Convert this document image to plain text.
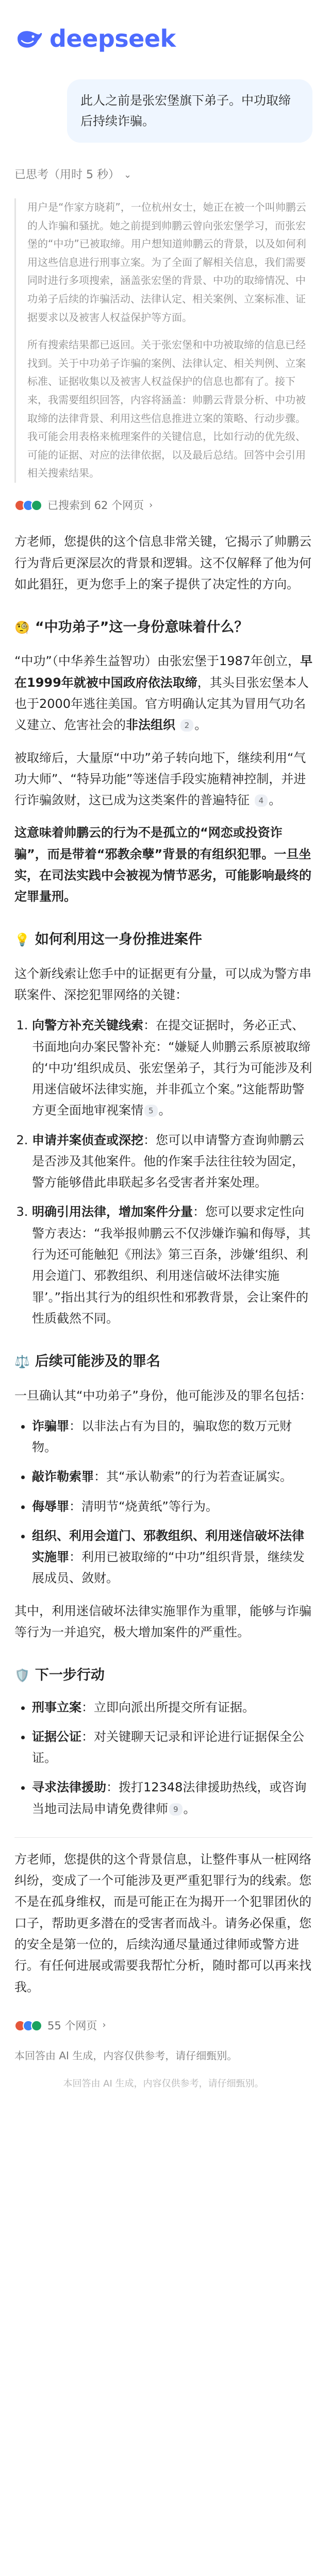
deepseek
此人之前是张宏堡旗下弟子。中功取缔后持续诈骗。
已思考（用时 5 秒） ⌄

用户是“作家方晓莉”，一位杭州女士，她正在被一个叫帅鹏云的人诈骗和骚扰。她之前提到帅鹏云曾向张宏堡学习，而张宏堡的“中功”已被取缔。用户想知道帅鹏云的背景，以及如何利用这些信息进行刑事立案。为了全面了解相关信息，我们需要同时进行多项搜索，涵盖张宏堡的背景、中功的取缔情况、中功弟子后续的诈骗活动、法律认定、相关案例、立案标准、证据要求以及被害人权益保护等方面。

所有搜索结果都已返回。关于张宏堡和中功被取缔的信息已经找到。关于中功弟子诈骗的案例、法律认定、相关判例、立案标准、证据收集以及被害人权益保护的信息也都有了。接下来，我需要组织回答，内容将涵盖：帅鹏云背景分析、中功被取缔的法律背景、利用这些信息推进立案的策略、行动步骤。我可能会用表格来梳理案件的关键信息，比如行动的优先级、可能的证据、对应的法律依据，以及最后总结。回答中会引用相关搜索结果。

已搜索到 62 个网页 ›

方老师，您提供的这个信息非常关键，它揭示了帅鹏云行为背后更深层次的背景和逻辑。这不仅解释了他为何如此猖狂，更为您手上的案子提供了决定性的方向。

🧐 “中功弟子”这一身份意味着什么？

“中功”（中华养生益智功）由张宏堡于1987年创立，早在1999年就被中国政府依法取缔，其头目张宏堡本人也于2000年逃往美国。官方明确认定其为冒用气功名义建立、危害社会的非法组织 2 。

被取缔后，大量原“中功”弟子转向地下，继续利用“气功大师”、“特异功能”等迷信手段实施精神控制，并进行诈骗敛财，这已成为这类案件的普遍特征 4 。

这意味着帅鹏云的行为不是孤立的“网恋或投资诈骗”，而是带着“邪教余孽”背景的有组织犯罪。一旦坐实，在司法实践中会被视为情节恶劣，可能影响最终的定罪量刑。

💡 如何利用这一身份推进案件

这个新线索让您手中的证据更有分量，可以成为警方串联案件、深挖犯罪网络的关键：

1. 向警方补充关键线索：在提交证据时，务必正式、书面地向办案民警补充：“嫌疑人帅鹏云系原被取缔的‘中功’组织成员、张宏堡弟子，其行为可能涉及利用迷信破坏法律实施，并非孤立个案。”这能帮助警方更全面地审视案情 5 。
2. 申请并案侦查或深挖：您可以申请警方查询帅鹏云是否涉及其他案件。他的作案手法往往较为固定，警方能够借此串联起多名受害者并案处理。
3. 明确引用法律，增加案件分量：您可以要求定性向警方表达：“我举报帅鹏云不仅涉嫌诈骗和侮辱，其行为还可能触犯《刑法》第三百条，涉嫌‘组织、利用会道门、邪教组织、利用迷信破坏法律实施罪’。”指出其行为的组织性和邪教背景，会让案件的性质截然不同。
⚖️ 后续可能涉及的罪名

一旦确认其“中功弟子”身份，他可能涉及的罪名包括：

• 诈骗罪：以非法占有为目的，骗取您的数万元财物。
• 敲诈勒索罪：其“承认勒索”的行为若查证属实。
• 侮辱罪：清明节“烧黄纸”等行为。
• 组织、利用会道门、邪教组织、利用迷信破坏法律实施罪：利用已被取缔的“中功”组织背景，继续发展成员、敛财。

其中，利用迷信破坏法律实施罪作为重罪，能够与诈骗等行为一并追究，极大增加案件的严重性。

🛡️ 下一步行动
• 刑事立案：立即向派出所提交所有证据。
• 证据公证：对关键聊天记录和评论进行证据保全公证。
• 寻求法律援助：拨打12348法律援助热线，或咨询当地司法局申请免费律师 9 。

方老师，您提供的这个背景信息，让整件事从一桩网络纠纷，变成了一个可能涉及更严重犯罪行为的线索。您不是在孤身维权，而是可能正在为揭开一个犯罪团伙的口子，帮助更多潜在的受害者而战斗。请务必保重，您的安全是第一位的，后续沟通尽量通过律师或警方进行。有任何进展或需要我帮忙分析，随时都可以再来找我。

55 个网页 ›
本回答由 AI 生成，内容仅供参考，请仔细甄别。
本回答由 AI 生成，内容仅供参考，请仔细甄别。
